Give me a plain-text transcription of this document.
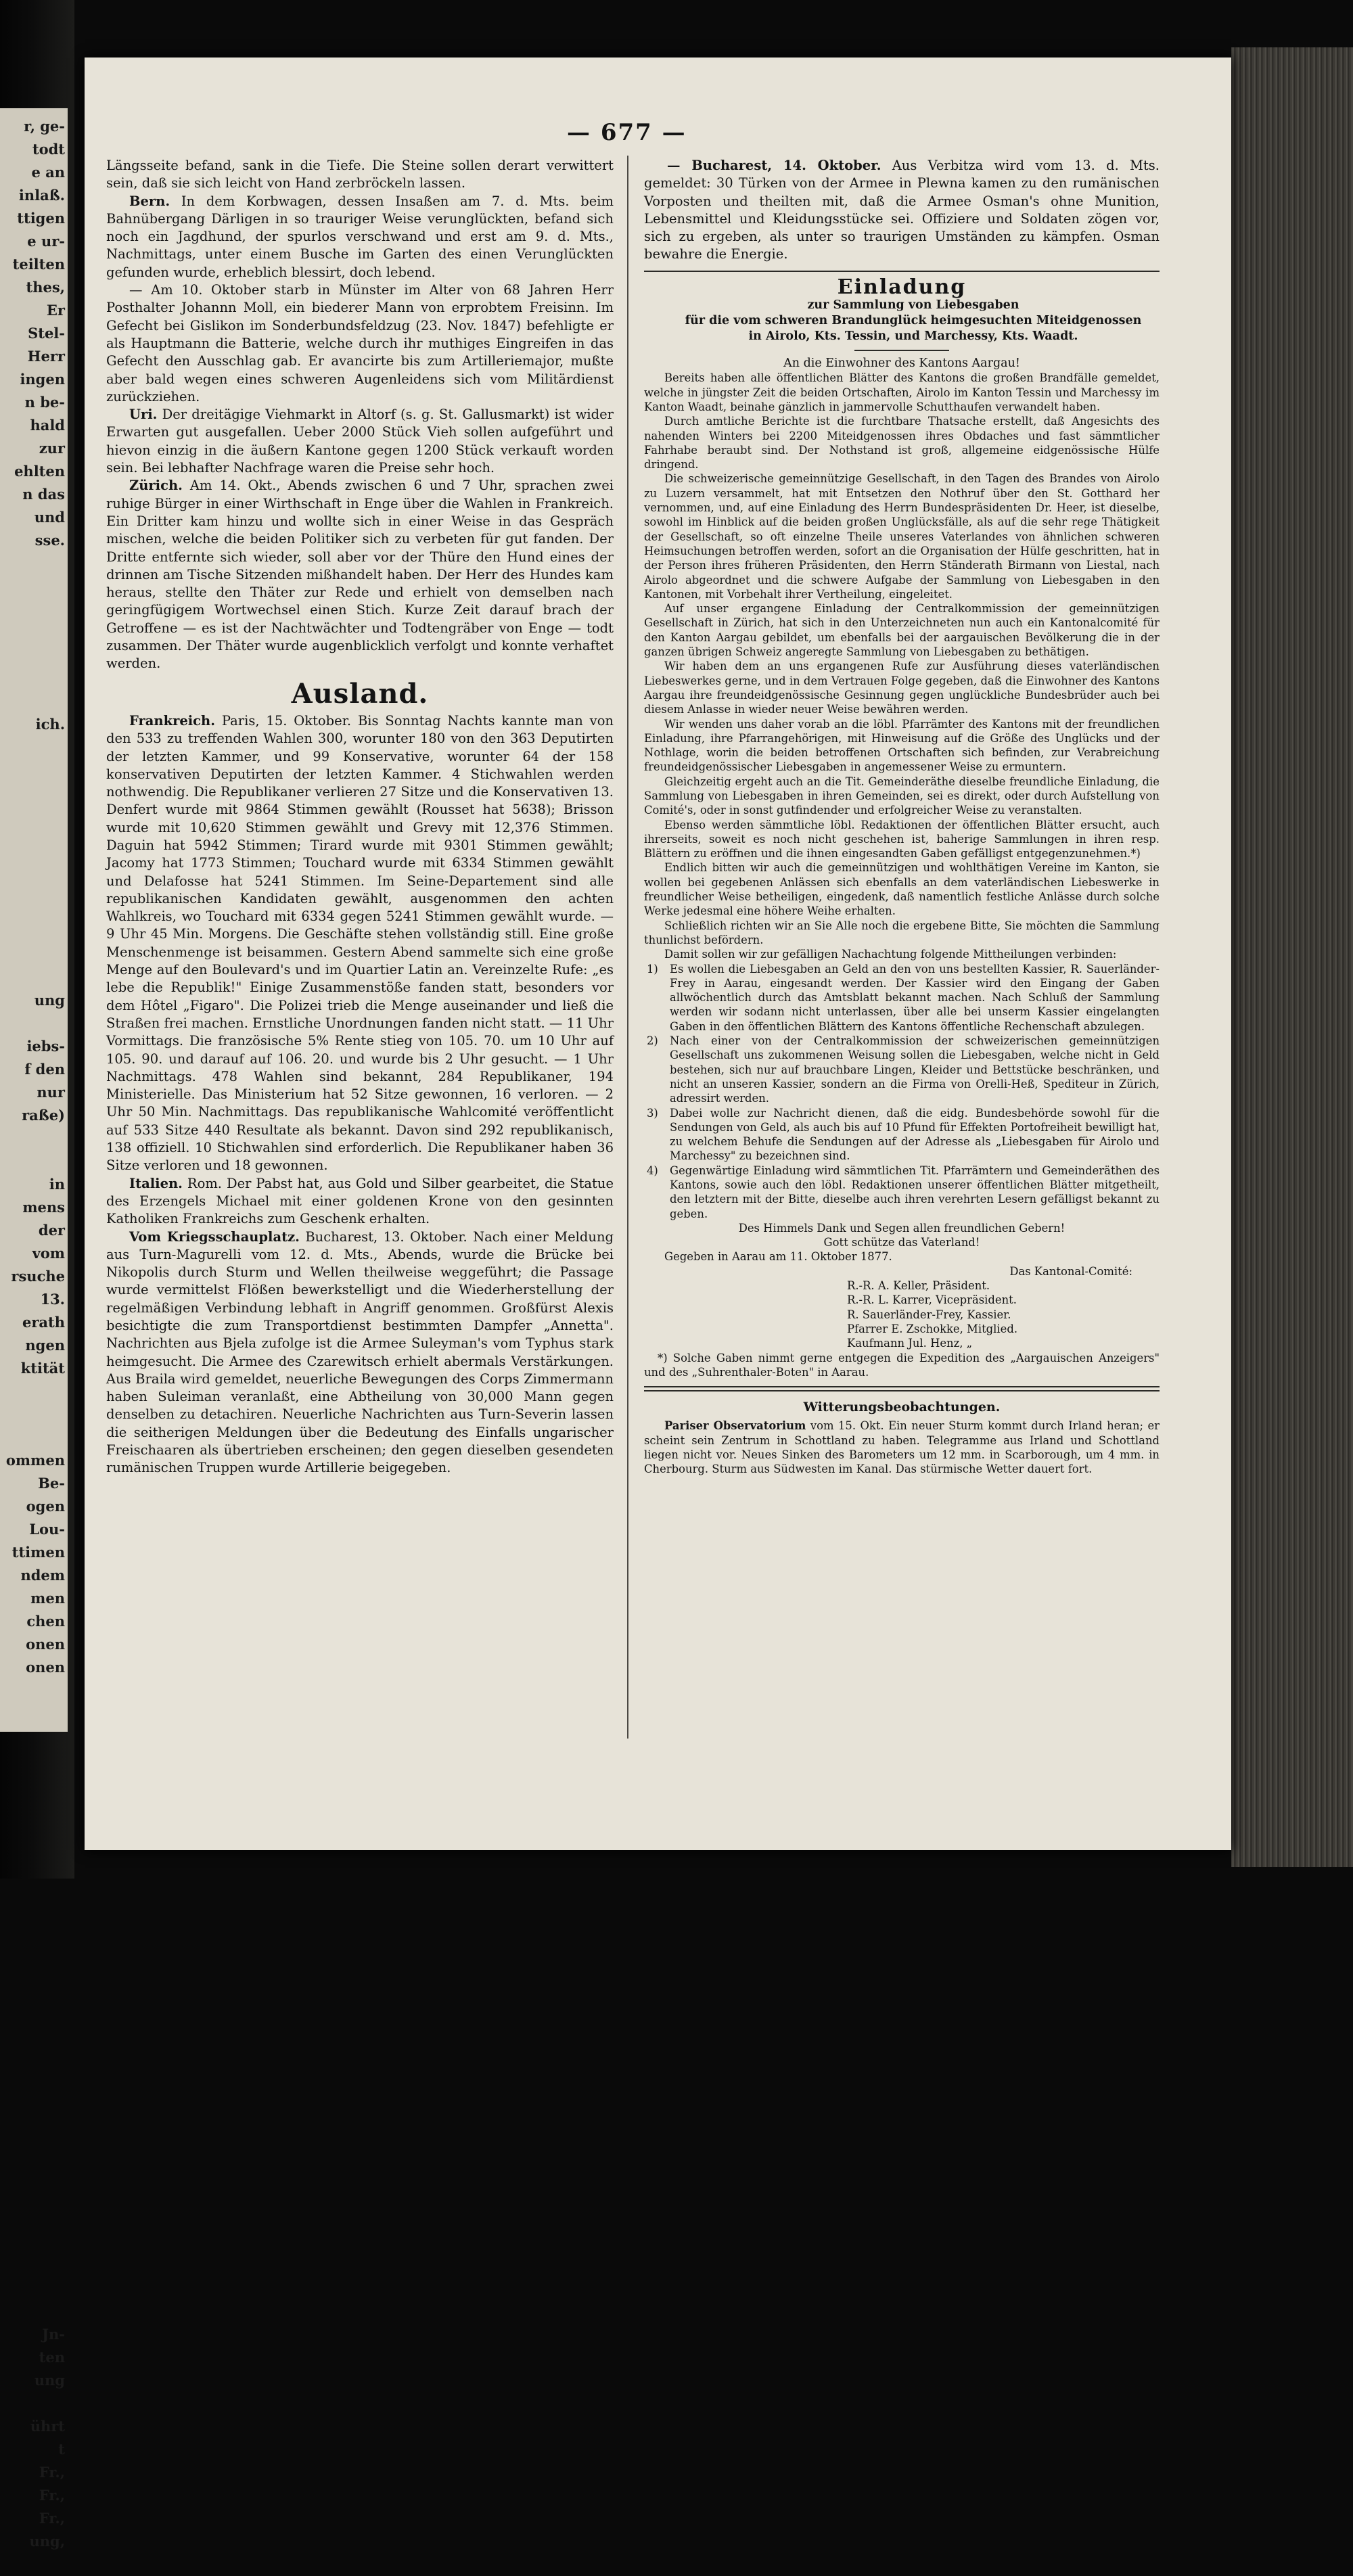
r, ge-
todt
e an
inlaß.
ttigen
e ur-
teilten
thes,
Er
Stel-
Herr
ingen
n be-
hald
zur
ehlten
n das
und
sse.

ich.

ung

iebs-
f den
nur
raße)

in
mens
der
vom
rsuche
13.
erath
ngen
ktität

ommen
Be-
ogen
Lou-
ttimen
ndem
men
chen
onen
onen

Jn-
ten
ung

ührt
t
Fr.,
Fr.,
Fr.,
ung,

— 677 —

Längsseite befand, sank in die Tiefe. Die Steine sollen derart verwittert sein, daß sie sich leicht von Hand zerbröckeln lassen.

Bern. In dem Korbwagen, dessen Insaßen am 7. d. Mts. beim Bahnübergang Därligen in so trauriger Weise verunglückten, befand sich noch ein Jagdhund, der spurlos verschwand und erst am 9. d. Mts., Nachmittags, unter einem Busche im Garten des einen Verunglückten gefunden wurde, erheblich blessirt, doch lebend.

— Am 10. Oktober starb in Münster im Alter von 68 Jahren Herr Posthalter Johannn Moll, ein biederer Mann von erprobtem Freisinn. Im Gefecht bei Gislikon im Sonderbundsfeldzug (23. Nov. 1847) befehligte er als Hauptmann die Batterie, welche durch ihr muthiges Eingreifen in das Gefecht den Ausschlag gab. Er avancirte bis zum Artilleriemajor, mußte aber bald wegen eines schweren Augenleidens sich vom Militärdienst zurückziehen.

Uri. Der dreitägige Viehmarkt in Altorf (s. g. St. Gallusmarkt) ist wider Erwarten gut ausgefallen. Ueber 2000 Stück Vieh sollen aufgeführt und hievon einzig in die äußern Kantone gegen 1200 Stück verkauft worden sein. Bei lebhafter Nachfrage waren die Preise sehr hoch.

Zürich. Am 14. Okt., Abends zwischen 6 und 7 Uhr, sprachen zwei ruhige Bürger in einer Wirthschaft in Enge über die Wahlen in Frankreich. Ein Dritter kam hinzu und wollte sich in einer Weise in das Gespräch mischen, welche die beiden Politiker sich zu verbeten für gut fanden. Der Dritte entfernte sich wieder, soll aber vor der Thüre den Hund eines der drinnen am Tische Sitzenden mißhandelt haben. Der Herr des Hundes kam heraus, stellte den Thäter zur Rede und erhielt von demselben nach geringfügigem Wortwechsel einen Stich. Kurze Zeit darauf brach der Getroffene — es ist der Nachtwächter und Todtengräber von Enge — todt zusammen. Der Thäter wurde augenblicklich verfolgt und konnte verhaftet werden.

Ausland.

Frankreich. Paris, 15. Oktober. Bis Sonntag Nachts kannte man von den 533 zu treffenden Wahlen 300, worunter 180 von den 363 Deputirten der letzten Kammer, und 99 Konservative, worunter 64 der 158 konservativen Deputirten der letzten Kammer. 4 Stichwahlen werden nothwendig. Die Republikaner verlieren 27 Sitze und die Konservativen 13. Denfert wurde mit 9864 Stimmen gewählt (Rousset hat 5638); Brisson wurde mit 10,620 Stimmen gewählt und Grevy mit 12,376 Stimmen. Daguin hat 5942 Stimmen; Tirard wurde mit 9301 Stimmen gewählt; Jacomy hat 1773 Stimmen; Touchard wurde mit 6334 Stimmen gewählt und Delafosse hat 5241 Stimmen. Im Seine-Departement sind alle republikanischen Kandidaten gewählt, ausgenommen den achten Wahlkreis, wo Touchard mit 6334 gegen 5241 Stimmen gewählt wurde. — 9 Uhr 45 Min. Morgens. Die Geschäfte stehen vollständig still. Eine große Menschenmenge ist beisammen. Gestern Abend sammelte sich eine große Menge auf den Boulevard's und im Quartier Latin an. Vereinzelte Rufe: „es lebe die Republik!" Einige Zusammenstöße fanden statt, besonders vor dem Hôtel „Figaro". Die Polizei trieb die Menge auseinander und ließ die Straßen frei machen. Ernstliche Unordnungen fanden nicht statt. — 11 Uhr Vormittags. Die französische 5% Rente stieg von 105. 70. um 10 Uhr auf 105. 90. und darauf auf 106. 20. und wurde bis 2 Uhr gesucht. — 1 Uhr Nachmittags. 478 Wahlen sind bekannt, 284 Republikaner, 194 Ministerielle. Das Ministerium hat 52 Sitze gewonnen, 16 verloren. — 2 Uhr 50 Min. Nachmittags. Das republikanische Wahlcomité veröffentlicht auf 533 Sitze 440 Resultate als bekannt. Davon sind 292 republikanisch, 138 offiziell. 10 Stichwahlen sind erforderlich. Die Republikaner haben 36 Sitze verloren und 18 gewonnen.

Italien. Rom. Der Pabst hat, aus Gold und Silber gearbeitet, die Statue des Erzengels Michael mit einer goldenen Krone von den gesinnten Katholiken Frankreichs zum Geschenk erhalten.

Vom Kriegsschauplatz. Bucharest, 13. Oktober. Nach einer Meldung aus Turn-Magurelli vom 12. d. Mts., Abends, wurde die Brücke bei Nikopolis durch Sturm und Wellen theilweise weggeführt; die Passage wurde vermittelst Flößen bewerkstelligt und die Wiederherstellung der regelmäßigen Verbindung lebhaft in Angriff genommen. Großfürst Alexis besichtigte die zum Transportdienst bestimmten Dampfer „Annetta". Nachrichten aus Bjela zufolge ist die Armee Suleyman's vom Typhus stark heimgesucht. Die Armee des Czarewitsch erhielt abermals Verstärkungen. Aus Braila wird gemeldet, neuerliche Bewegungen des Corps Zimmermann haben Suleiman veranlaßt, eine Abtheilung von 30,000 Mann gegen denselben zu detachiren. Neuerliche Nachrichten aus Turn-Severin lassen die seitherigen Meldungen über die Bedeutung des Einfalls ungarischer Freischaaren als übertrieben erscheinen; den gegen dieselben gesendeten rumänischen Truppen wurde Artillerie beigegeben.

— Bucharest, 14. Oktober. Aus Verbitza wird vom 13. d. Mts. gemeldet: 30 Türken von der Armee in Plewna kamen zu den rumänischen Vorposten und theilten mit, daß die Armee Osman's ohne Munition, Lebensmittel und Kleidungsstücke sei. Offiziere und Soldaten zögen vor, sich zu ergeben, als unter so traurigen Umständen zu kämpfen. Osman bewahre die Energie.

Einladung

zur Sammlung von Liebesgaben

für die vom schweren Brandunglück heimgesuchten Miteidgenossen

in Airolo, Kts. Tessin, und Marchessy, Kts. Waadt.

An die Einwohner des Kantons Aargau!

Bereits haben alle öffentlichen Blätter des Kantons die großen Brandfälle gemeldet, welche in jüngster Zeit die beiden Ortschaften, Airolo im Kanton Tessin und Marchessy im Kanton Waadt, beinahe gänzlich in jammervolle Schutthaufen verwandelt haben.

Durch amtliche Berichte ist die furchtbare Thatsache erstellt, daß Angesichts des nahenden Winters bei 2200 Miteidgenossen ihres Obdaches und fast sämmtlicher Fahrhabe beraubt sind. Der Nothstand ist groß, allgemeine eidgenössische Hülfe dringend.

Die schweizerische gemeinnützige Gesellschaft, in den Tagen des Brandes von Airolo zu Luzern versammelt, hat mit Entsetzen den Nothruf über den St. Gotthard her vernommen, und, auf eine Einladung des Herrn Bundespräsidenten Dr. Heer, ist dieselbe, sowohl im Hinblick auf die beiden großen Unglücksfälle, als auf die sehr rege Thätigkeit der Gesellschaft, so oft einzelne Theile unseres Vaterlandes von ähnlichen schweren Heimsuchungen betroffen werden, sofort an die Organisation der Hülfe geschritten, hat in der Person ihres früheren Präsidenten, den Herrn Ständerath Birmann von Liestal, nach Airolo abgeordnet und die schwere Aufgabe der Sammlung von Liebesgaben in den Kantonen, mit Vorbehalt ihrer Vertheilung, eingeleitet.

Auf unser ergangene Einladung der Centralkommission der gemeinnützigen Gesellschaft in Zürich, hat sich in den Unterzeichneten nun auch ein Kantonalcomité für den Kanton Aargau gebildet, um ebenfalls bei der aargauischen Bevölkerung die in der ganzen übrigen Schweiz angeregte Sammlung von Liebesgaben zu bethätigen.

Wir haben dem an uns ergangenen Rufe zur Ausführung dieses vaterländischen Liebeswerkes gerne, und in dem Vertrauen Folge gegeben, daß die Einwohner des Kantons Aargau ihre freundeidgenössische Gesinnung gegen unglückliche Bundesbrüder auch bei diesem Anlasse in wieder neuer Weise bewähren werden.

Wir wenden uns daher vorab an die löbl. Pfarrämter des Kantons mit der freundlichen Einladung, ihre Pfarrangehörigen, mit Hinweisung auf die Größe des Unglücks und der Nothlage, worin die beiden betroffenen Ortschaften sich befinden, zur Verabreichung freundeidgenössischer Liebesgaben in angemessener Weise zu ermuntern.

Gleichzeitig ergeht auch an die Tit. Gemeinderäthe dieselbe freundliche Einladung, die Sammlung von Liebesgaben in ihren Gemeinden, sei es direkt, oder durch Aufstellung von Comité's, oder in sonst gutfindender und erfolgreicher Weise zu veranstalten.

Ebenso werden sämmtliche löbl. Redaktionen der öffentlichen Blätter ersucht, auch ihrerseits, soweit es noch nicht geschehen ist, baherige Sammlungen in ihren resp. Blättern zu eröffnen und die ihnen eingesandten Gaben gefälligst entgegenzunehmen.*)

Endlich bitten wir auch die gemeinnützigen und wohlthätigen Vereine im Kanton, sie wollen bei gegebenen Anlässen sich ebenfalls an dem vaterländischen Liebeswerke in freundlicher Weise betheiligen, eingedenk, daß namentlich festliche Anlässe durch solche Werke jedesmal eine höhere Weihe erhalten.

Schließlich richten wir an Sie Alle noch die ergebene Bitte, Sie möchten die Sammlung thunlichst befördern.

Damit sollen wir zur gefälligen Nachachtung folgende Mittheilungen verbinden:

1) Es wollen die Liebesgaben an Geld an den von uns bestellten Kassier, R. Sauerländer-Frey in Aarau, eingesandt werden. Der Kassier wird den Eingang der Gaben allwöchentlich durch das Amtsblatt bekannt machen. Nach Schluß der Sammlung werden wir sodann nicht unterlassen, über alle bei unserm Kassier eingelangten Gaben in den öffentlichen Blättern des Kantons öffentliche Rechenschaft abzulegen.

2) Nach einer von der Centralkommission der schweizerischen gemeinnützigen Gesellschaft uns zukommenen Weisung sollen die Liebesgaben, welche nicht in Geld bestehen, sich nur auf brauchbare Lingen, Kleider und Bettstücke beschränken, und nicht an unseren Kassier, sondern an die Firma von Orelli-Heß, Spediteur in Zürich, adressirt werden.

3) Dabei wolle zur Nachricht dienen, daß die eidg. Bundesbehörde sowohl für die Sendungen von Geld, als auch bis auf 10 Pfund für Effekten Portofreiheit bewilligt hat, zu welchem Behufe die Sendungen auf der Adresse als „Liebesgaben für Airolo und Marchessy" zu bezeichnen sind.

4) Gegenwärtige Einladung wird sämmtlichen Tit. Pfarrämtern und Gemeinderäthen des Kantons, sowie auch den löbl. Redaktionen unserer öffentlichen Blätter mitgetheilt, den letztern mit der Bitte, dieselbe auch ihren verehrten Lesern gefälligst bekannt zu geben.

Des Himmels Dank und Segen allen freundlichen Gebern!

Gott schütze das Vaterland!

Gegeben in Aarau am 11. Oktober 1877.

Das Kantonal-Comité:

R.-R. A. Keller, Präsident.

R.-R. L. Karrer, Vicepräsident.

R. Sauerländer-Frey, Kassier.

Pfarrer E. Zschokke, Mitglied.

Kaufmann Jul. Henz, „

*) Solche Gaben nimmt gerne entgegen die Expedition des „Aargauischen Anzeigers" und des „Suhrenthaler-Boten" in Aarau.

Witterungsbeobachtungen.

Pariser Observatorium vom 15. Okt. Ein neuer Sturm kommt durch Irland heran; er scheint sein Zentrum in Schottland zu haben. Telegramme aus Irland und Schottland liegen nicht vor. Neues Sinken des Barometers um 12 mm. in Scarborough, um 4 mm. in Cherbourg. Sturm aus Südwesten im Kanal. Das stürmische Wetter dauert fort.
